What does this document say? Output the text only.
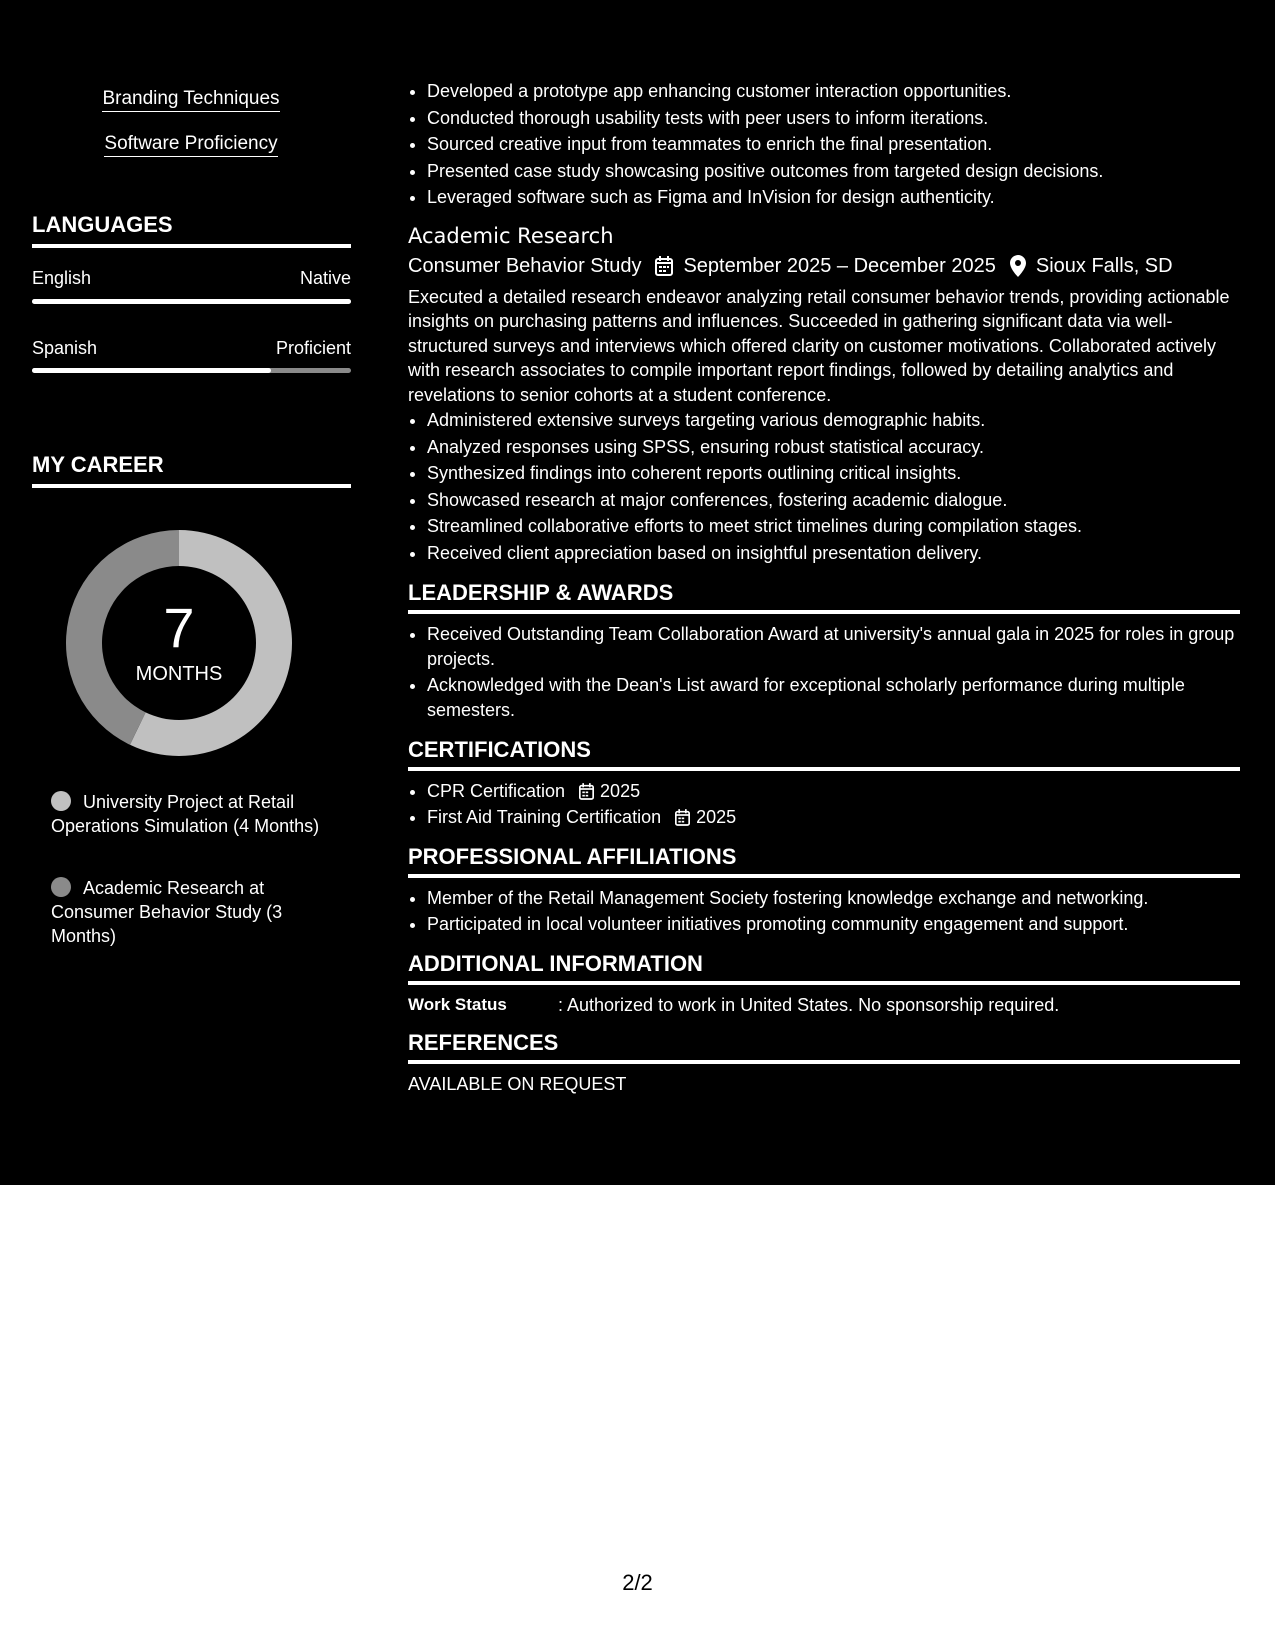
Branding Techniques
Software Proficiency
LANGUAGES
English	Native
Spanish	Proficient
MY CAREER
7
MONTHS
University Project at Retail Operations Simulation (4 Months)
Academic Research at Consumer Behavior Study (3 Months)
• Developed a prototype app enhancing customer interaction opportunities.
• Conducted thorough usability tests with peer users to inform iterations.
• Sourced creative input from teammates to enrich the final presentation.
• Presented case study showcasing positive outcomes from targeted design decisions.
• Leveraged software such as Figma and InVision for design authenticity.
Academic Research
Consumer Behavior Study September 2025 – December 2025 Sioux Falls, SD
Executed a detailed research endeavor analyzing retail consumer behavior trends, providing actionable insights on purchasing patterns and influences. Succeeded in gathering significant data via well-structured surveys and interviews which offered clarity on customer motivations. Collaborated actively with research associates to compile important report findings, followed by detailing analytics and revelations to senior cohorts at a student conference.
• Administered extensive surveys targeting various demographic habits.
• Analyzed responses using SPSS, ensuring robust statistical accuracy.
• Synthesized findings into coherent reports outlining critical insights.
• Showcased research at major conferences, fostering academic dialogue.
• Streamlined collaborative efforts to meet strict timelines during compilation stages.
• Received client appreciation based on insightful presentation delivery.
LEADERSHIP & AWARDS
• Received Outstanding Team Collaboration Award at university's annual gala in 2025 for roles in group projects.
• Acknowledged with the Dean's List award for exceptional scholarly performance during multiple semesters.
CERTIFICATIONS
• CPR Certification 2025
• First Aid Training Certification 2025
PROFESSIONAL AFFILIATIONS
• Member of the Retail Management Society fostering knowledge exchange and networking.
• Participated in local volunteer initiatives promoting community engagement and support.
ADDITIONAL INFORMATION
Work Status	: Authorized to work in United States. No sponsorship required.
REFERENCES
AVAILABLE ON REQUEST
2/2
